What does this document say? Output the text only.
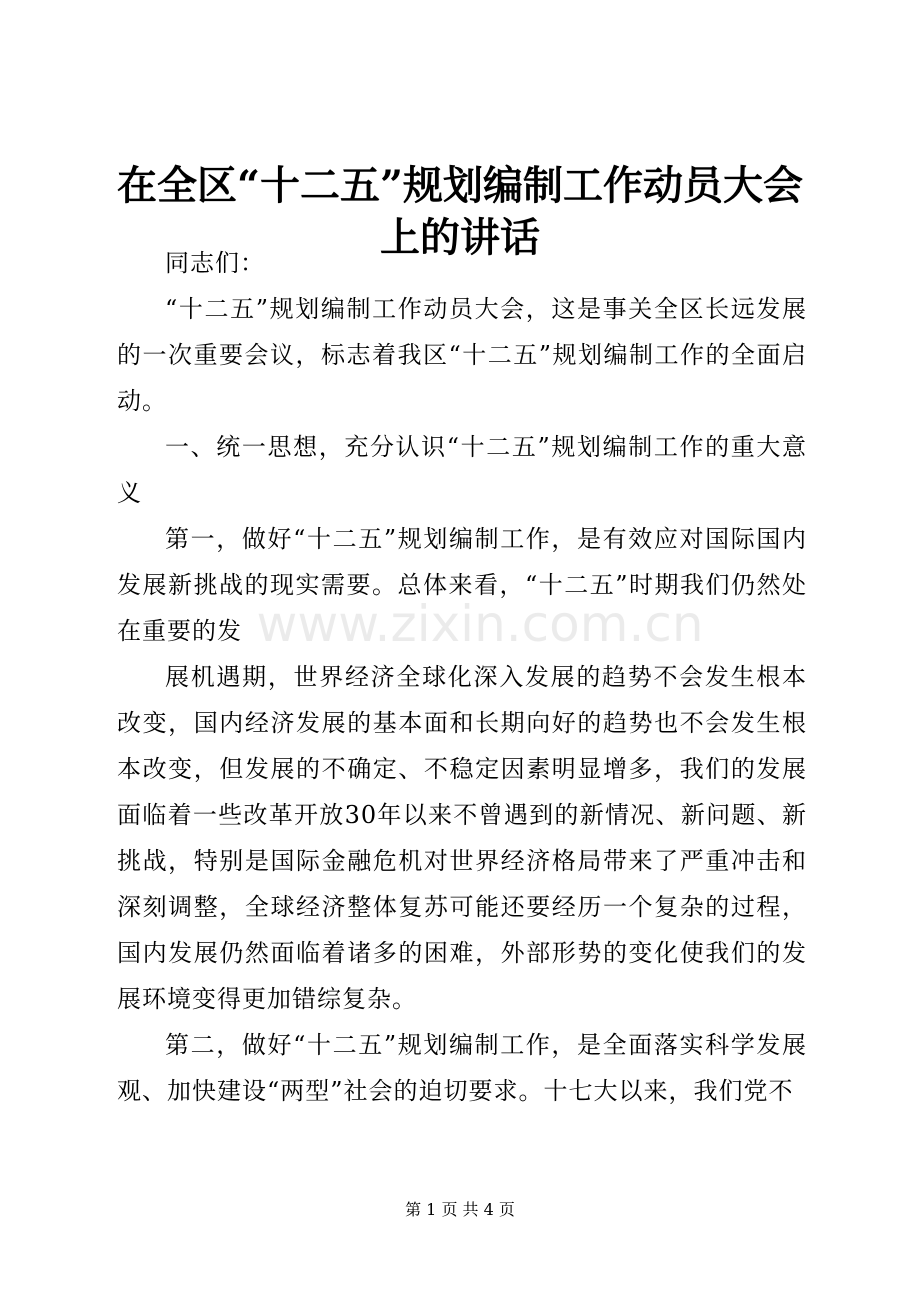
在全区“十二五”规划编制工作动员大会上的讲话

同志们：

“十二五”规划编制工作动员大会，这是事关全区长远发展的一次重要会议，标志着我区“十二五”规划编制工作的全面启动。

一、统一思想，充分认识“十二五”规划编制工作的重大意义

第一，做好“十二五”规划编制工作，是有效应对国际国内发展新挑战的现实需要。总体来看，“十二五”时期我们仍然处在重要的发

展机遇期，世界经济全球化深入发展的趋势不会发生根本改变，国内经济发展的基本面和长期向好的趋势也不会发生根本改变，但发展的不确定、不稳定因素明显增多，我们的发展面临着一些改革开放30年以来不曾遇到的新情况、新问题、新挑战，特别是国际金融危机对世界经济格局带来了严重冲击和深刻调整，全球经济整体复苏可能还要经历一个复杂的过程，国内发展仍然面临着诸多的困难，外部形势的变化使我们的发展环境变得更加错综复杂。

第二，做好“十二五”规划编制工作，是全面落实科学发展观、加快建设“两型”社会的迫切要求。十七大以来，我们党不

www.zixin.com.cn
第 1 页 共 4 页
